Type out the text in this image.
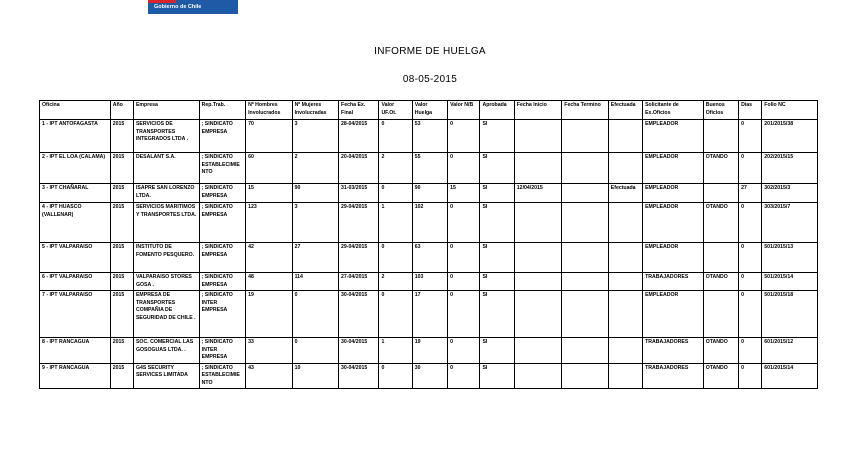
Gobierno de Chile
INFORME DE HUELGA
08-05-2015
Oficina	Año	Empresa	Rep.Trab.	Nº Hombres Involucrados	Nº Mujeres Involucradas	Fecha Ex. Final	Valor UF.Ot.	Valor Huelga	Valor N/B	Aprobada	Fecha Inicio	Fecha Termino	Efectuada	Solicitante de Ex.Oficios	Buenos Oficios	Días	Folio NC
1 - IPT ANTOFAGASTA	2015	SERVICIOS DE TRANSPORTES INTEGRADOS LTDA .	; SINDICATO EMPRESA	70	3	28-04/2015	0	53	0	SI				EMPLEADOR		0	201/2015/38
2 - IPT EL LOA (CALAMA)	2015	DESALANT S.A.	; SINDICATO ESTABLECIMIENTO	60	2	20-04/2015	2	55	0	SI				EMPLEADOR	OTANDO	0	202/2015/15
3 - IPT CHAÑARAL	2015	ISAPRE SAN LORENZO LTDA.	; SINDICATO EMPRESA	15	90	31-03/2015	0	90	15	SI	12/04/2015		Efectuada	EMPLEADOR		27	302/2015/3
4 - IPT HUASCO (VALLENAR)	2015	SERVICIOS MARITIMOS Y TRANSPORTES LTDA.	; SINDICATO EMPRESA	123	3	29-04/2015	1	102	0	SI				EMPLEADOR	OTANDO	0	303/2015/7
5 - IPT VALPARAISO	2015	INSTITUTO DE FOMENTO PESQUERO.	; SINDICATO EMPRESA	42	27	29-04/2015	0	63	0	SI				EMPLEADOR		0	501/2015/13
6 - IPT VALPARAISO	2015	VALPARAISO STORES GOSA .	; SINDICATO EMPRESA	48	114	27-04/2015	2	103	0	SI				TRABAJADORES	OTANDO	0	501/2015/14
7 - IPT VALPARAISO	2015	EMPRESA DE TRANSPORTES COMPAÑIA DE SEGURIDAD DE CHILE .	; SINDICATO INTER EMPRESA	19	0	30-04/2015	0	17	0	SI				EMPLEADOR		0	501/2015/18
8 - IPT RANCAGUA	2015	SOC. COMERCIAL LAS GOSOGUAS LTDA. .	; SINDICATO INTER EMPRESA	33	0	30-04/2015	1	19	0	SI				TRABAJADORES	OTANDO	0	601/2015/12
9 - IPT RANCAGUA	2015	G4S SECURITY SERVICES LIMITADA	; SINDICATO ESTABLECIMIENTO	43	10	30-04/2015	0	30	0	SI				TRABAJADORES	OTANDO	0	601/2015/14
